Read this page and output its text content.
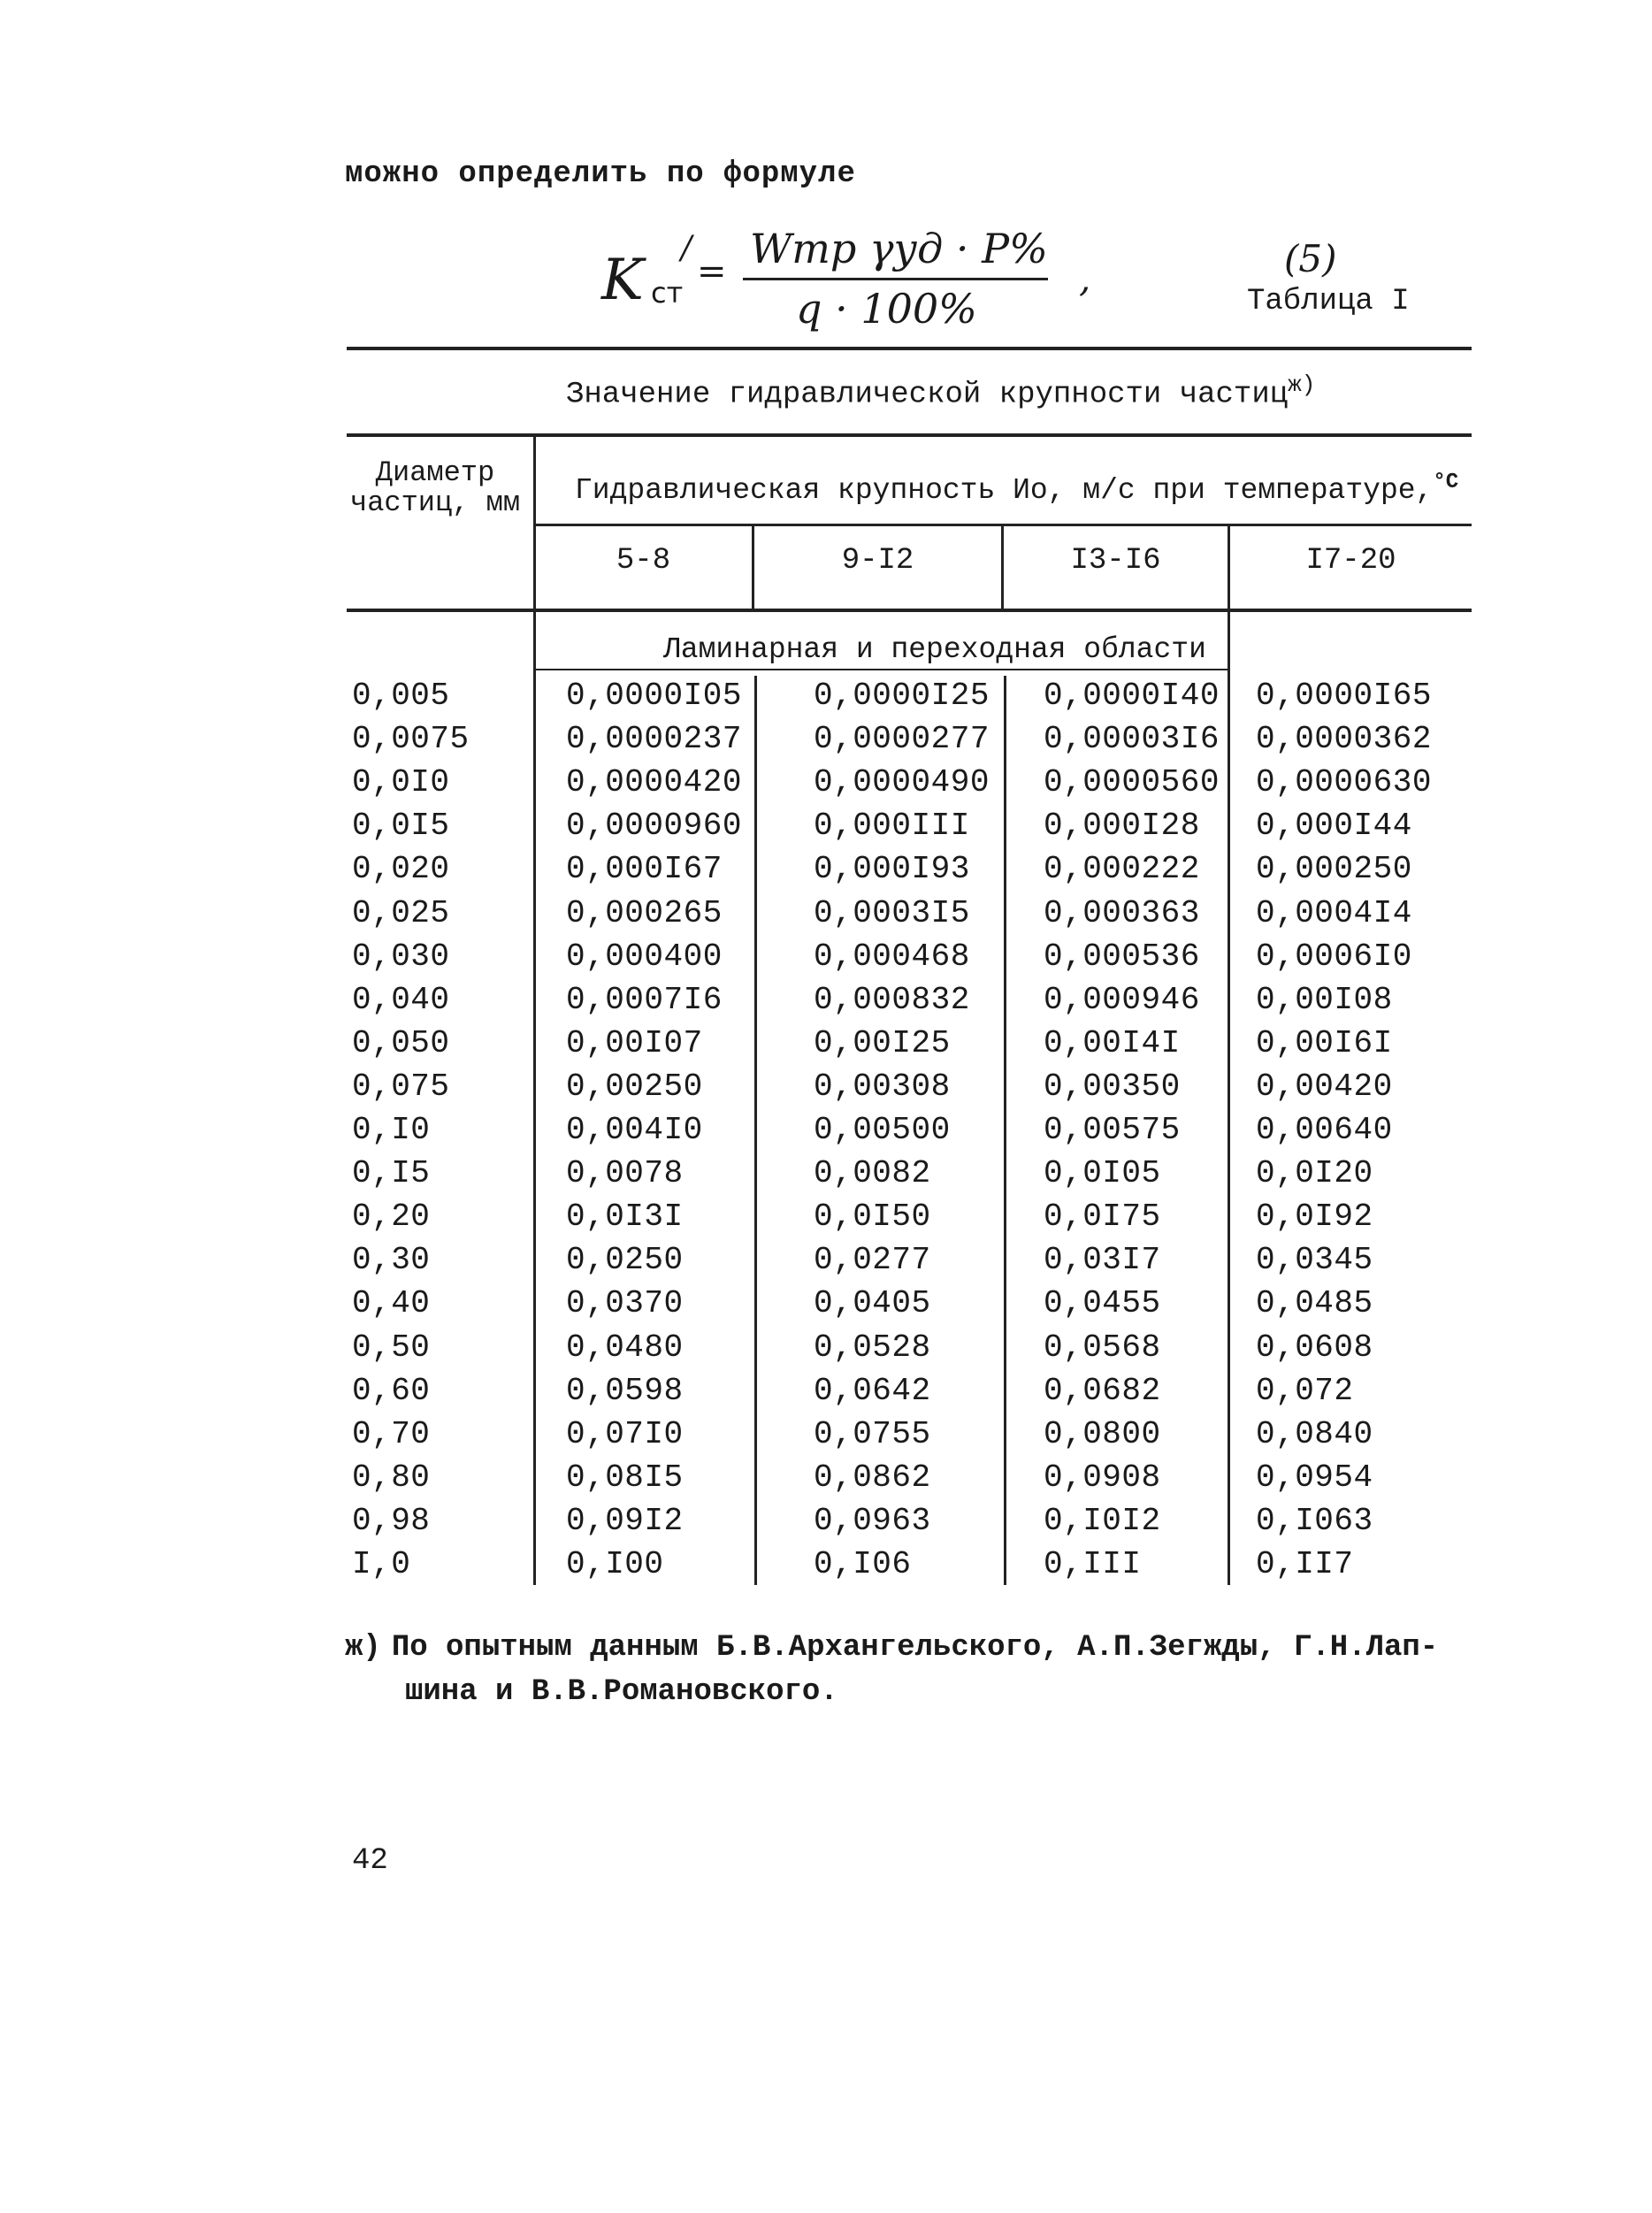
можно определить по формуле
K /
ст
= Wтр γуд · P%
q · 100%
,	(5)
Таблица I
Значение гидравлической крупности частиц$^{ж)}$
Диаметр частиц, мм Гидравлическая крупность Ио, м/с при температуре,$^{^\circ С}$
5-8	9-I2	I3-I6	I7-20
Ламинарная и переходная области
0,005	0,0000I05 0,0000I25 0,0000I40 0,0000I65
0,0075	0,0000237 0,0000277 0,00003I6 0,0000362
0,0I0	0,0000420 0,0000490 0,0000560 0,0000630
0,0I5	0,0000960 0,000III 0,000I28 0,000I44
0,020	0,000I67	0,000I93 0,000222 0,000250
0,025	0,000265	0,0003I5 0,000363 0,0004I4
0,030	0,000400	0,000468 0,000536 0,0006I0
0,040	0,0007I6	0,000832 0,000946 0,00I08
0,050	0,00I07	0,00I25	0,00I4I 0,00I6I
0,075	0,00250	0,00308	0,00350 0,00420
0,I0	0,004I0	0,00500	0,00575 0,00640
0,I5	0,0078	0,0082	0,0I05	0,0I20
0,20	0,0I3I	0,0I50	0,0I75	0,0I92
0,30	0,0250	0,0277	0,03I7	0,0345
0,40	0,0370	0,0405	0,0455	0,0485
0,50	0,0480	0,0528	0,0568	0,0608
0,60	0,0598	0,0642	0,0682	0,072
0,70	0,07I0	0,0755	0,0800	0,0840
0,80	0,08I5	0,0862	0,0908	0,0954
0,98	0,09I2	0,0963	0,I0I2	0,I063
I,0	0,I00	0,I06	0,III	0,II7
ж) По опытным данным Б.В.Архангельского, А.П.Зегжды, Г.Н.Лап-
шина и В.В.Романовского.
42
